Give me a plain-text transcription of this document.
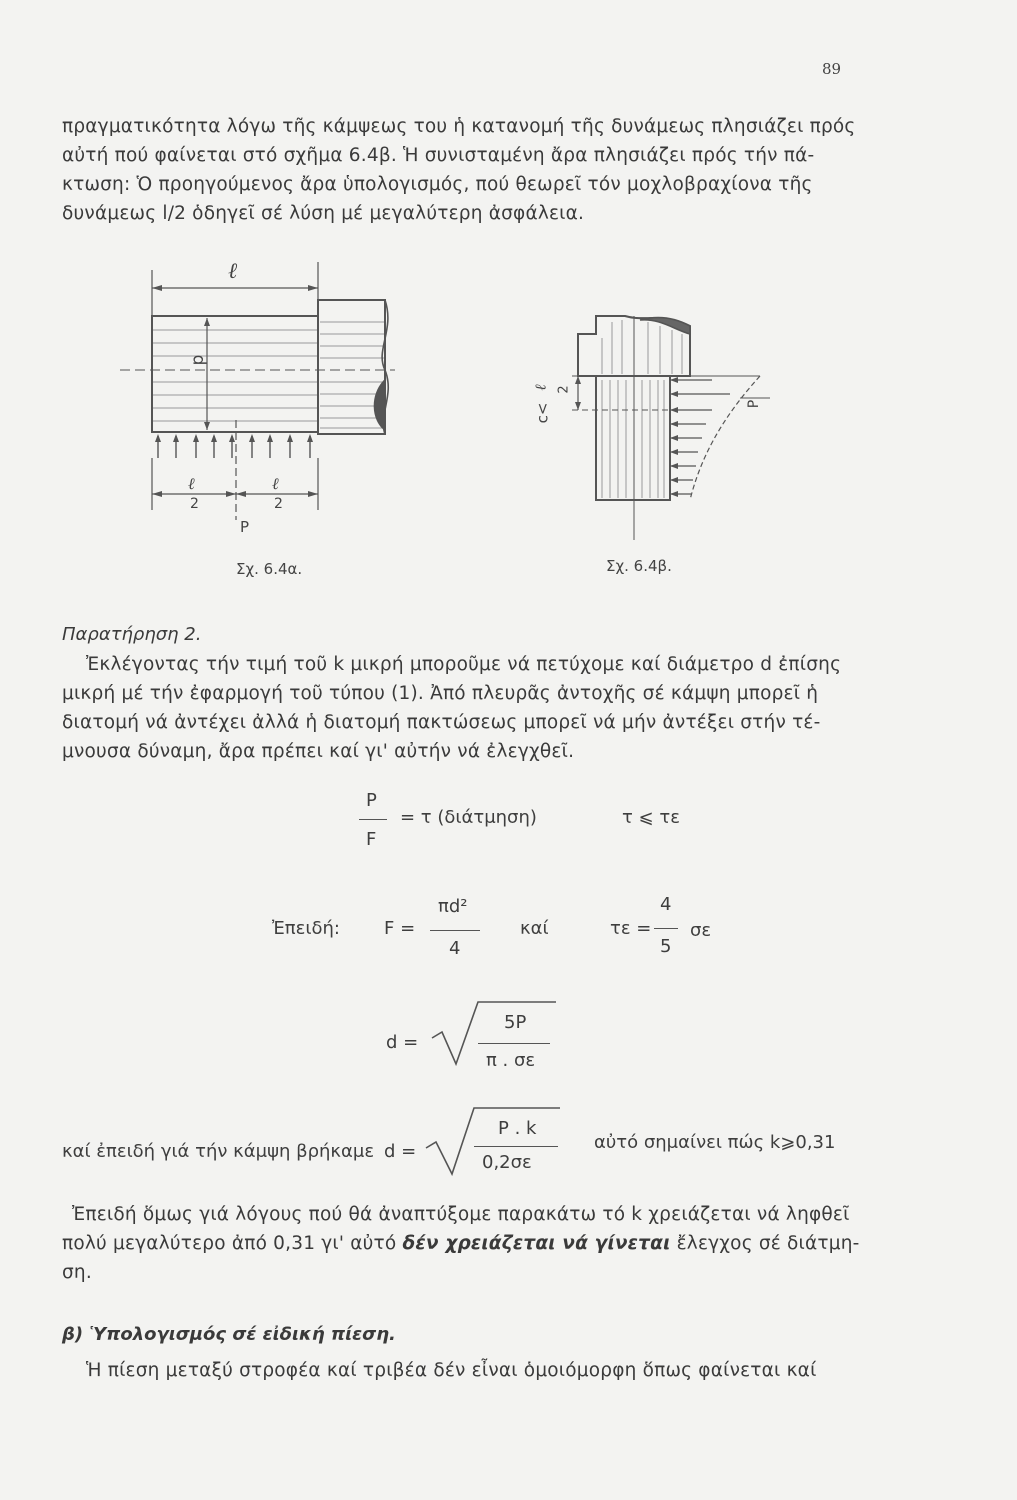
89
πραγματικότητα λόγω τῆς κάμψεως του ἡ κατανομή τῆς δυνάμεως πλησιάζει πρός
αὐτή πού φαίνεται στό σχῆμα 6.4β. Ἡ συνισταμένη ἄρα πλησιάζει πρός τήν πά-
κτωση: Ὁ προηγούμενος ἄρα ὑπολογισμός, πού θεωρεῖ τόν μοχλοβραχίονα τῆς
δυνάμεως l/2 ὁδηγεῖ σέ λύση μέ μεγαλύτερη ἀσφάλεια.
ℓ
d
ℓ
2
ℓ
2
P
Σχ. 6.4α.
c<
ℓ 2
P
Σχ. 6.4β.
Παρατήρηση 2.
Ἐκλέγοντας τήν τιμή τοῦ k μικρή μποροῦμε νά πετύχομε καί διάμετρο d ἐπίσης
μικρή μέ τήν ἐφαρμογή τοῦ τύπου (1). Ἀπό πλευρᾶς ἀντοχῆς σέ κάμψη μπορεῖ ἡ
διατομή νά ἀντέχει ἀλλά ἡ διατομή πακτώσεως μπορεῖ νά μήν ἀντέξει στήν τέ-
μνουσα δύναμη, ἄρα πρέπει καί γι' αὐτήν νά ἐλεγχθεῖ.
P
F
= τ (διάτμηση)	τ ⩽ τε
Ἐπειδή: F =
πd²
4
καί	τε =
4
5
σε
d =
5P
π . σε
καί ἐπειδή γιά τήν κάμψη βρήκαμε d =
P . k
0,2σε
αὐτό σημαίνει πώς k⩾0,31
Ἐπειδή ὅμως γιά λόγους πού θά ἀναπτύξομε παρακάτω τό k χρειάζεται νά ληφθεῖ
πολύ μεγαλύτερο ἀπό 0,31 γι' αὐτό δέν χρειάζεται νά γίνεται ἔλεγχος σέ διάτμη-
ση.
β) Ὑπολογισμός σέ εἰδική πίεση.
Ἡ πίεση μεταξύ στροφέα καί τριβέα δέν εἶναι ὁμοιόμορφη ὅπως φαίνεται καί
